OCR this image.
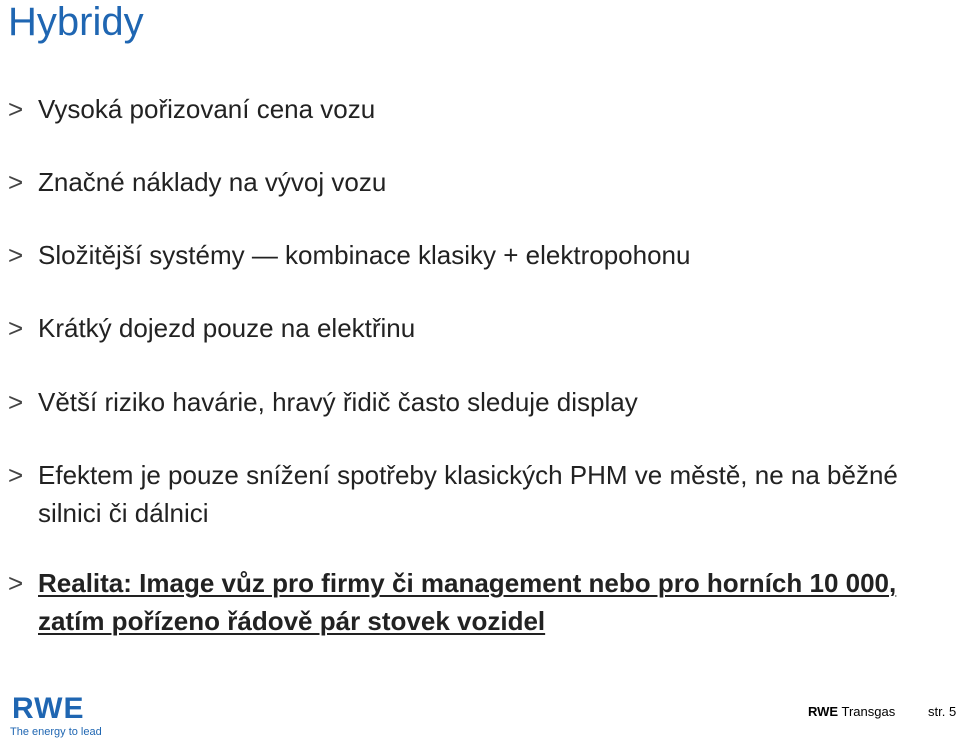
Hybridy
> Vysoká pořizovaní cena vozu
> Značné náklady na vývoj vozu
> Složitější systémy — kombinace klasiky + elektropohonu
> Krátký dojezd pouze na elektřinu
> Větší riziko havárie, hravý řidič často sleduje display
> Efektem je pouze snížení spotřeby klasických PHM ve městě, ne na běžné silnici či dálnici
> Realita: Image vůz pro firmy či management nebo pro horních 10 000, zatím pořízeno řádově pár stovek vozidel
RWE
The energy to lead
RWE Transgas	str. 5
